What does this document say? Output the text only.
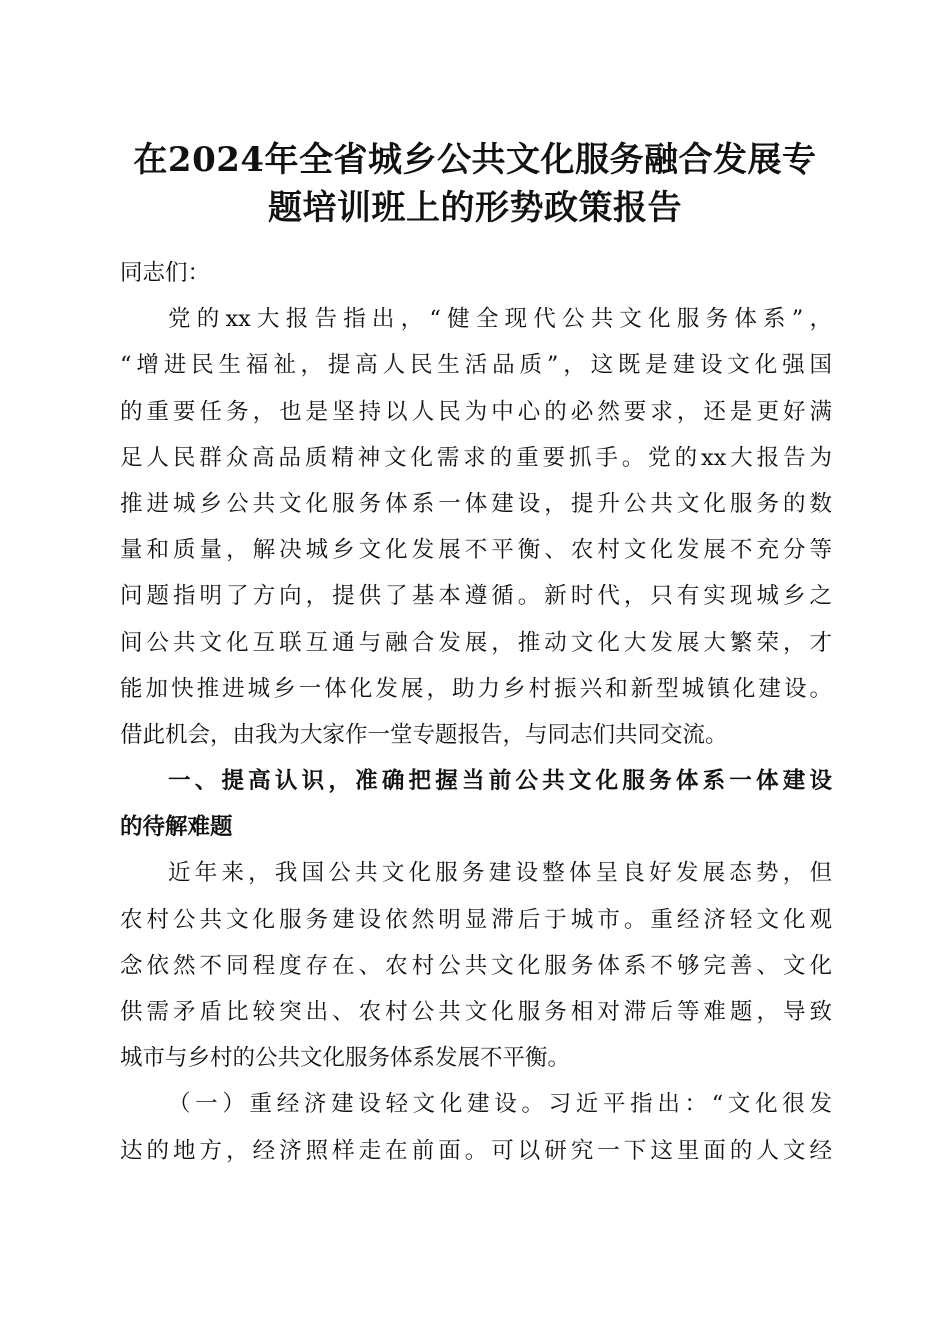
在2024年全省城乡公共文化服务融合发展专
题培训班上的形势政策报告
同志们：
党的xx大报告指出，“健全现代公共文化服务体系”，
“增进民生福祉，提高人民生活品质”，这既是建设文化强国
的重要任务，也是坚持以人民为中心的必然要求，还是更好满
足人民群众高品质精神文化需求的重要抓手。党的xx大报告为
推进城乡公共文化服务体系一体建设，提升公共文化服务的数
量和质量，解决城乡文化发展不平衡、农村文化发展不充分等
问题指明了方向，提供了基本遵循。新时代，只有实现城乡之
间公共文化互联互通与融合发展，推动文化大发展大繁荣，才
能加快推进城乡一体化发展，助力乡村振兴和新型城镇化建设。
借此机会，由我为大家作一堂专题报告，与同志们共同交流。
一、提高认识，准确把握当前公共文化服务体系一体建设
的待解难题
近年来，我国公共文化服务建设整体呈良好发展态势，但
农村公共文化服务建设依然明显滞后于城市。重经济轻文化观
念依然不同程度存在、农村公共文化服务体系不够完善、文化
供需矛盾比较突出、农村公共文化服务相对滞后等难题，导致
城市与乡村的公共文化服务体系发展不平衡。
（一）重经济建设轻文化建设。习近平指出：“文化很发
达的地方，经济照样走在前面。可以研究一下这里面的人文经
